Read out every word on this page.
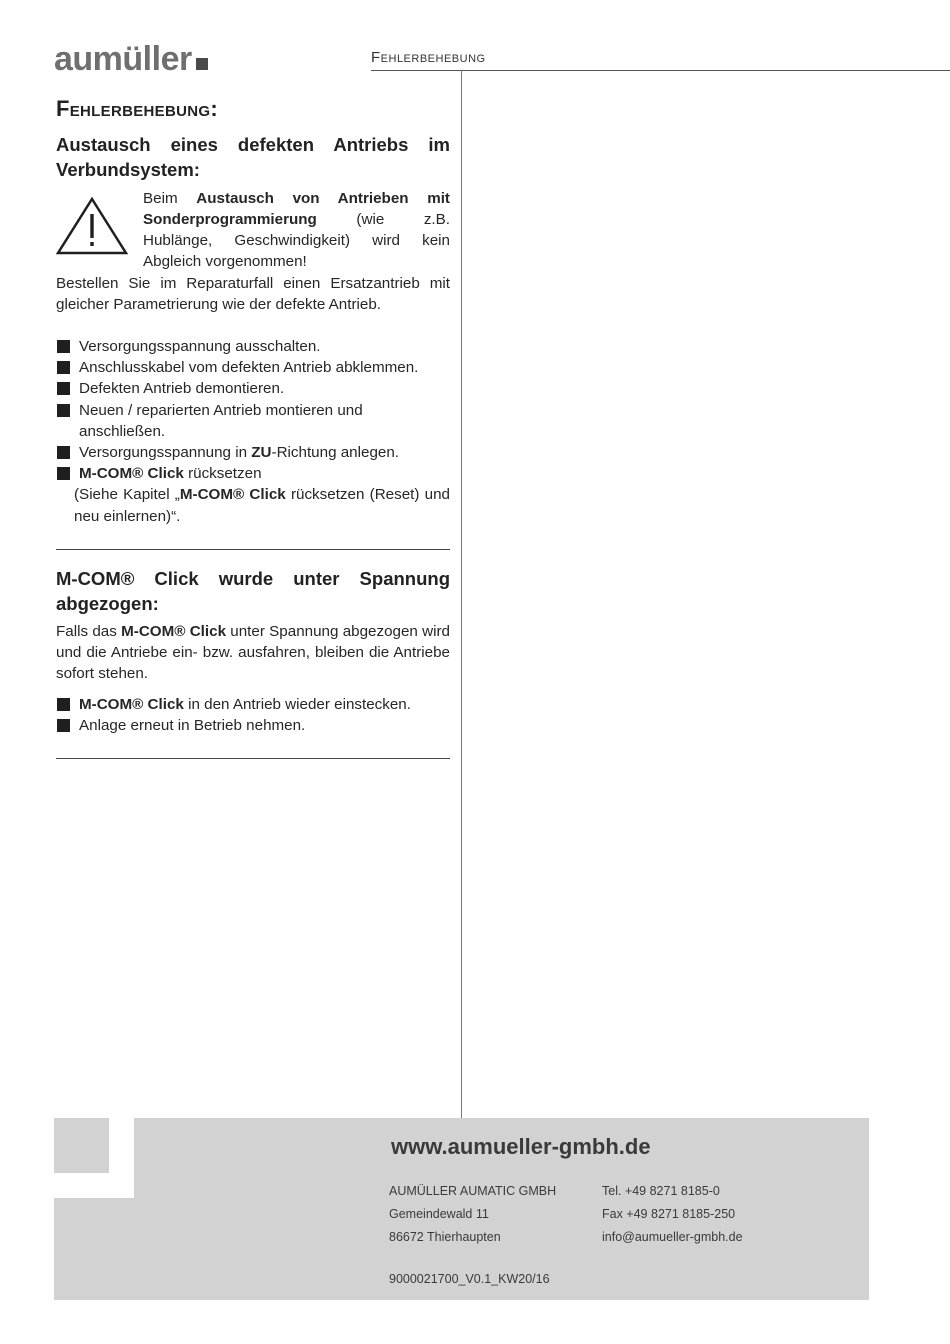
aumüller	Fehlerbehebung
Fehlerbehebung:
Austausch eines defekten Antriebs im Verbundsystem:
Beim Austausch von Antrieben mit Sonderprogrammierung (wie z.B. Hublänge, Geschwindigkeit) wird kein Abgleich vorgenommen!
Bestellen Sie im Reparaturfall einen Ersatzantrieb mit gleicher Parametrierung wie der defekte Antrieb.
Versorgungsspannung ausschalten.
Anschlusskabel vom defekten Antrieb abklemmen.
Defekten Antrieb demontieren.
Neuen / reparierten Antrieb montieren und anschließen.
Versorgungsspannung in ZU-Richtung anlegen.
M-COM® Click rücksetzen
(Siehe Kapitel „M-COM® Click rücksetzen (Reset) und neu einlernen)“.
M-COM® Click wurde unter Spannung abgezogen:
Falls das M-COM® Click unter Spannung abgezogen wird und die Antriebe ein- bzw. ausfahren, bleiben die Antriebe sofort stehen.
M-COM® Click in den Antrieb wieder einstecken.
Anlage erneut in Betrieb nehmen.
www.aumueller-gmbh.de
AUMÜLLER AUMATIC GMBH
Gemeindewald 11
86672 Thierhaupten
Tel. +49 8271 8185-0
Fax +49 8271 8185-250
info@aumueller-gmbh.de
9000021700_V0.1_KW20/16
